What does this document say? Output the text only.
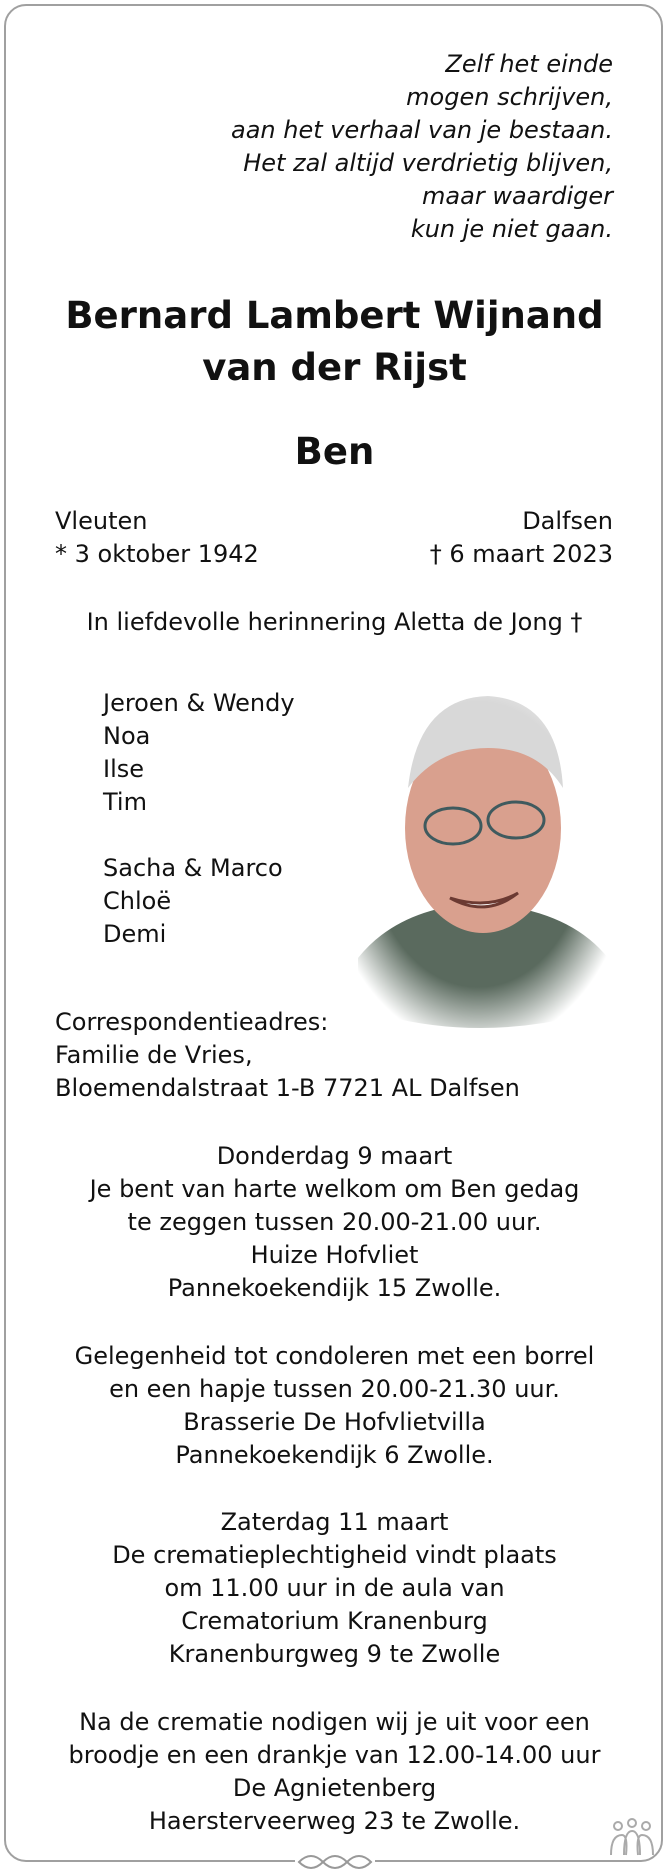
Zelf het einde
mogen schrijven,
aan het verhaal van je bestaan.
Het zal altijd verdrietig blijven,
maar waardiger
kun je niet gaan.
Bernard Lambert Wijnand
van der Rijst
Ben
Vleuten	Dalfsen
* 3 oktober 1942	† 6 maart 2023
In liefdevolle herinnering Aletta de Jong †
Jeroen & Wendy
Noa
Ilse
Tim
Sacha & Marco
Chloë
Demi
Correspondentieadres:
Familie de Vries,
Bloemendalstraat 1-B 7721 AL Dalfsen
Donderdag 9 maart
Je bent van harte welkom om Ben gedag
te zeggen tussen 20.00-21.00 uur.
Huize Hofvliet
Pannekoekendijk 15 Zwolle.
Gelegenheid tot condoleren met een borrel
en een hapje tussen 20.00-21.30 uur.
Brasserie De Hofvlietvilla
Pannekoekendijk 6 Zwolle.
Zaterdag 11 maart
De crematieplechtigheid vindt plaats
om 11.00 uur in de aula van
Crematorium Kranenburg
Kranenburgweg 9 te Zwolle
Na de crematie nodigen wij je uit voor een
broodje en een drankje van 12.00-14.00 uur
De Agnietenberg
Haersterveerweg 23 te Zwolle.
